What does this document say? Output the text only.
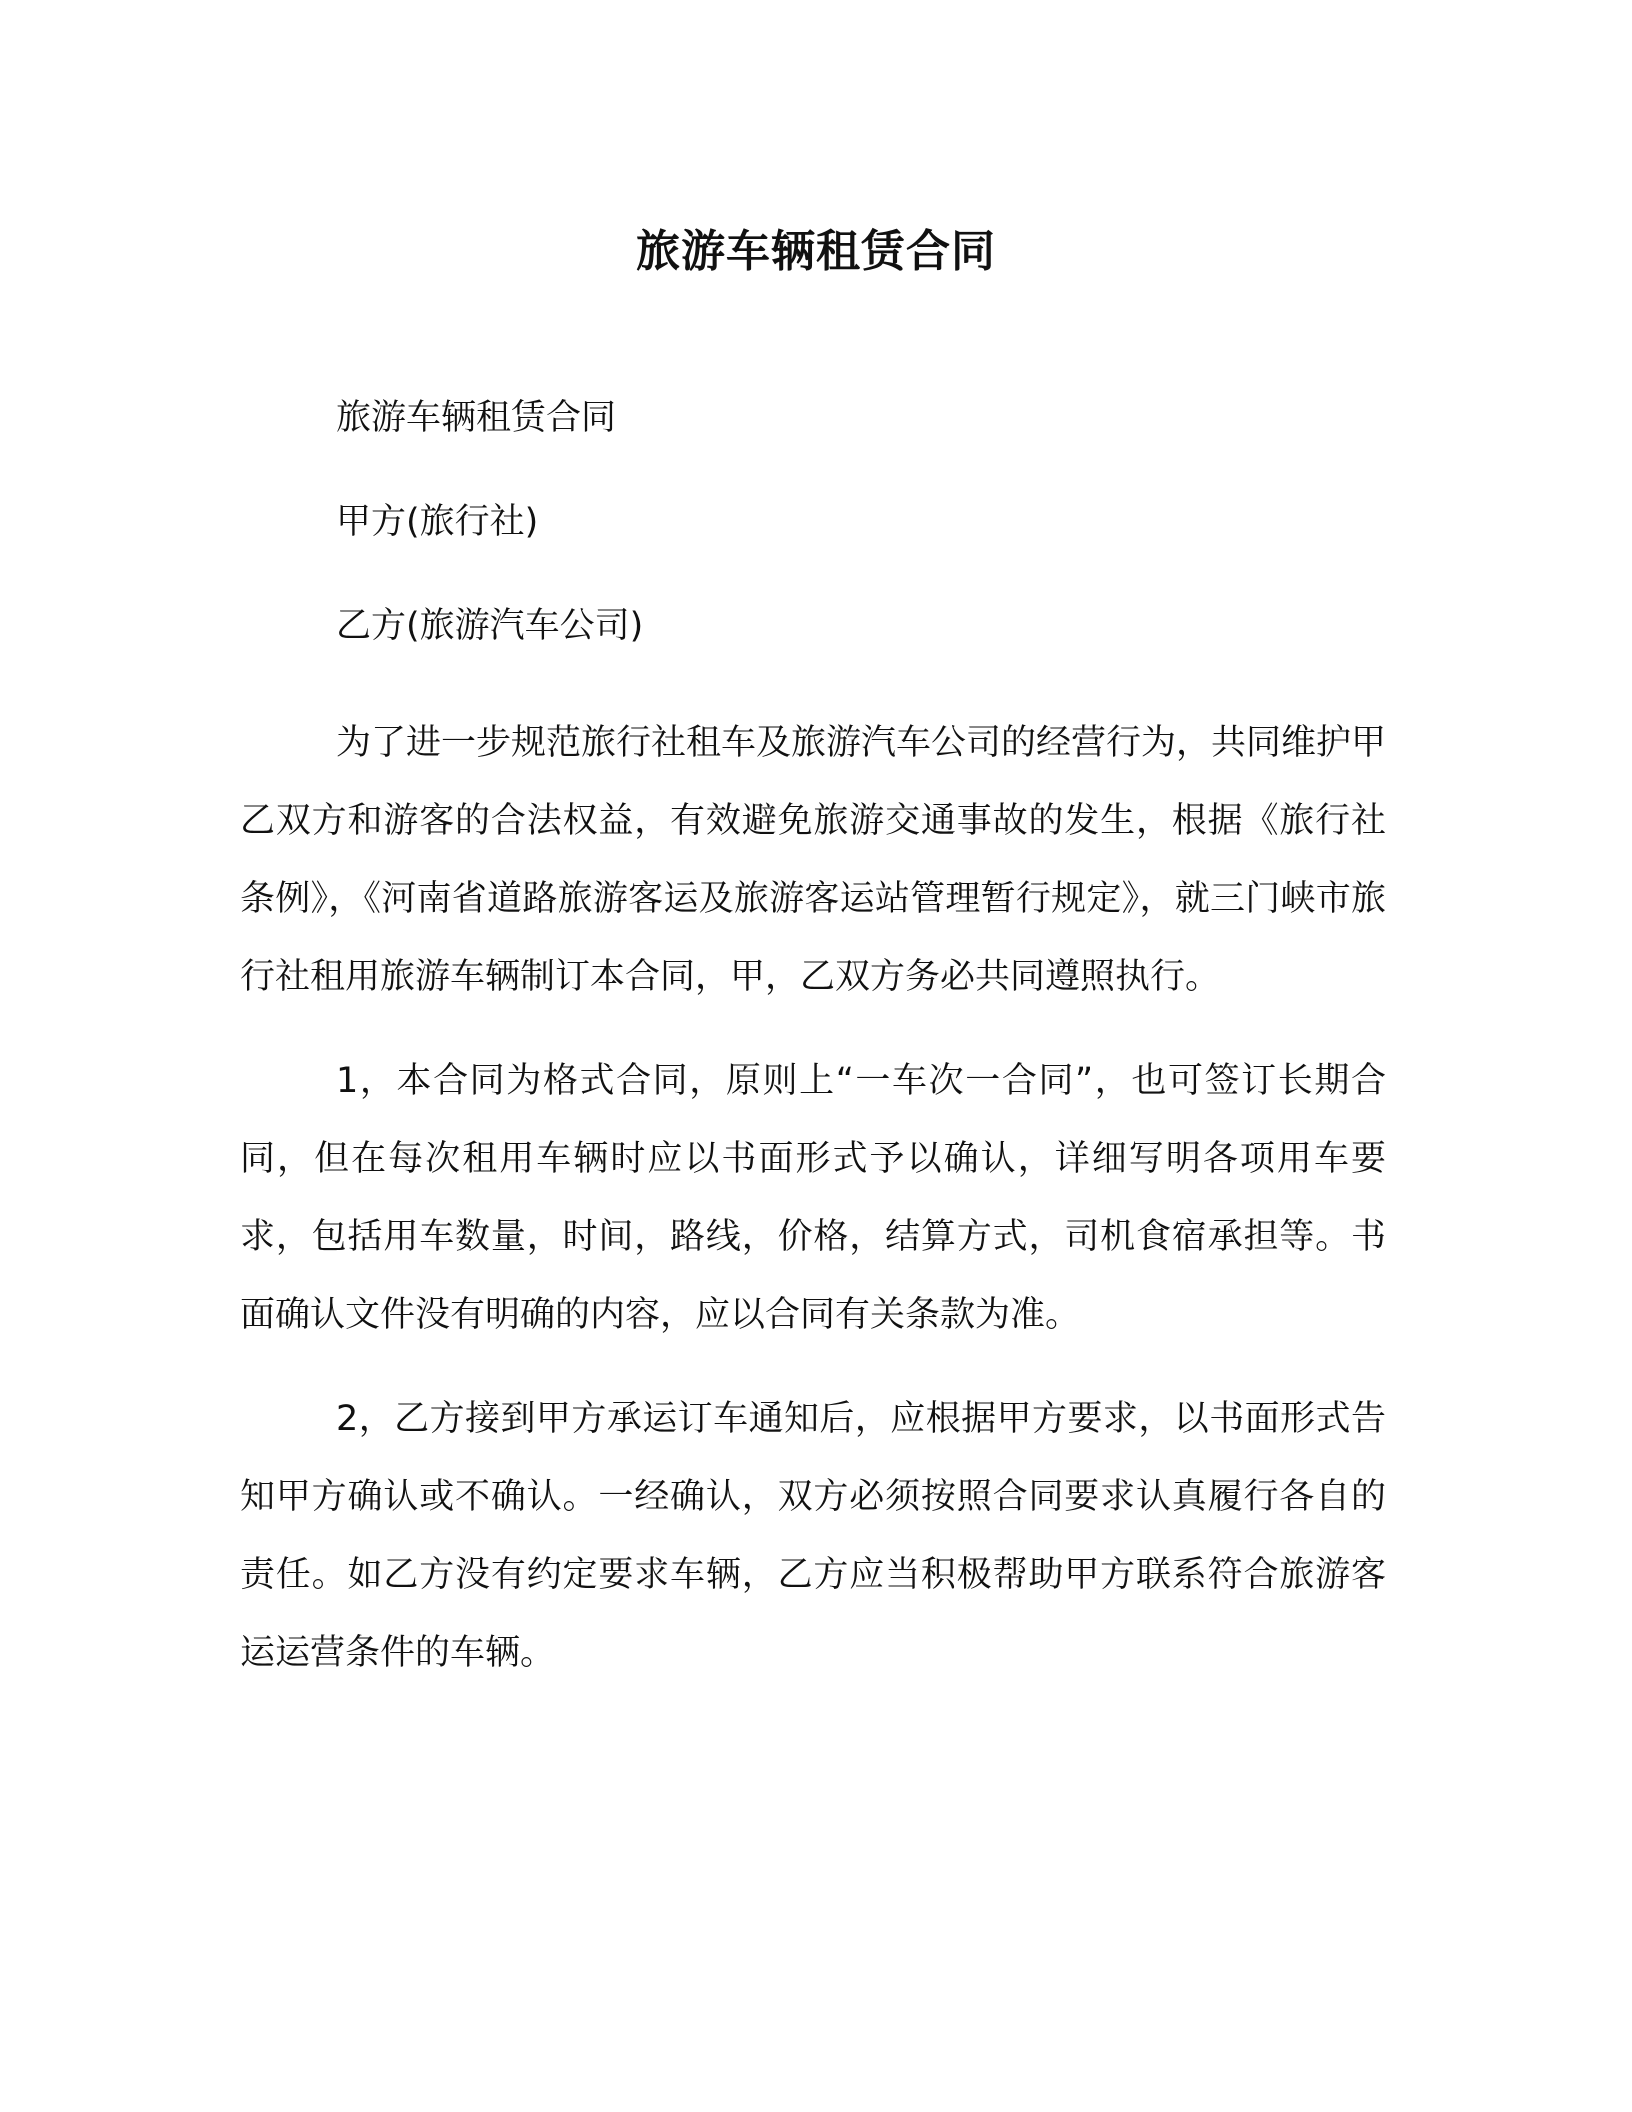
旅游车辆租赁合同

旅游车辆租赁合同

甲方(旅行社)

乙方(旅游汽车公司)

为了进一步规范旅行社租车及旅游汽车公司的经营行为，共同维护甲乙双方和游客的合法权益，有效避免旅游交通事故的发生，根据《旅行社条例》，《河南省道路旅游客运及旅游客运站管理暂行规定》，就三门峡市旅行社租用旅游车辆制订本合同，甲，乙双方务必共同遵照执行。

1，本合同为格式合同，原则上“一车次一合同”，也可签订长期合同，但在每次租用车辆时应以书面形式予以确认，详细写明各项用车要求，包括用车数量，时间，路线，价格，结算方式，司机食宿承担等。书面确认文件没有明确的内容，应以合同有关条款为准。

2，乙方接到甲方承运订车通知后，应根据甲方要求，以书面形式告知甲方确认或不确认。一经确认，双方必须按照合同要求认真履行各自的责任。如乙方没有约定要求车辆，乙方应当积极帮助甲方联系符合旅游客运运营条件的车辆。
